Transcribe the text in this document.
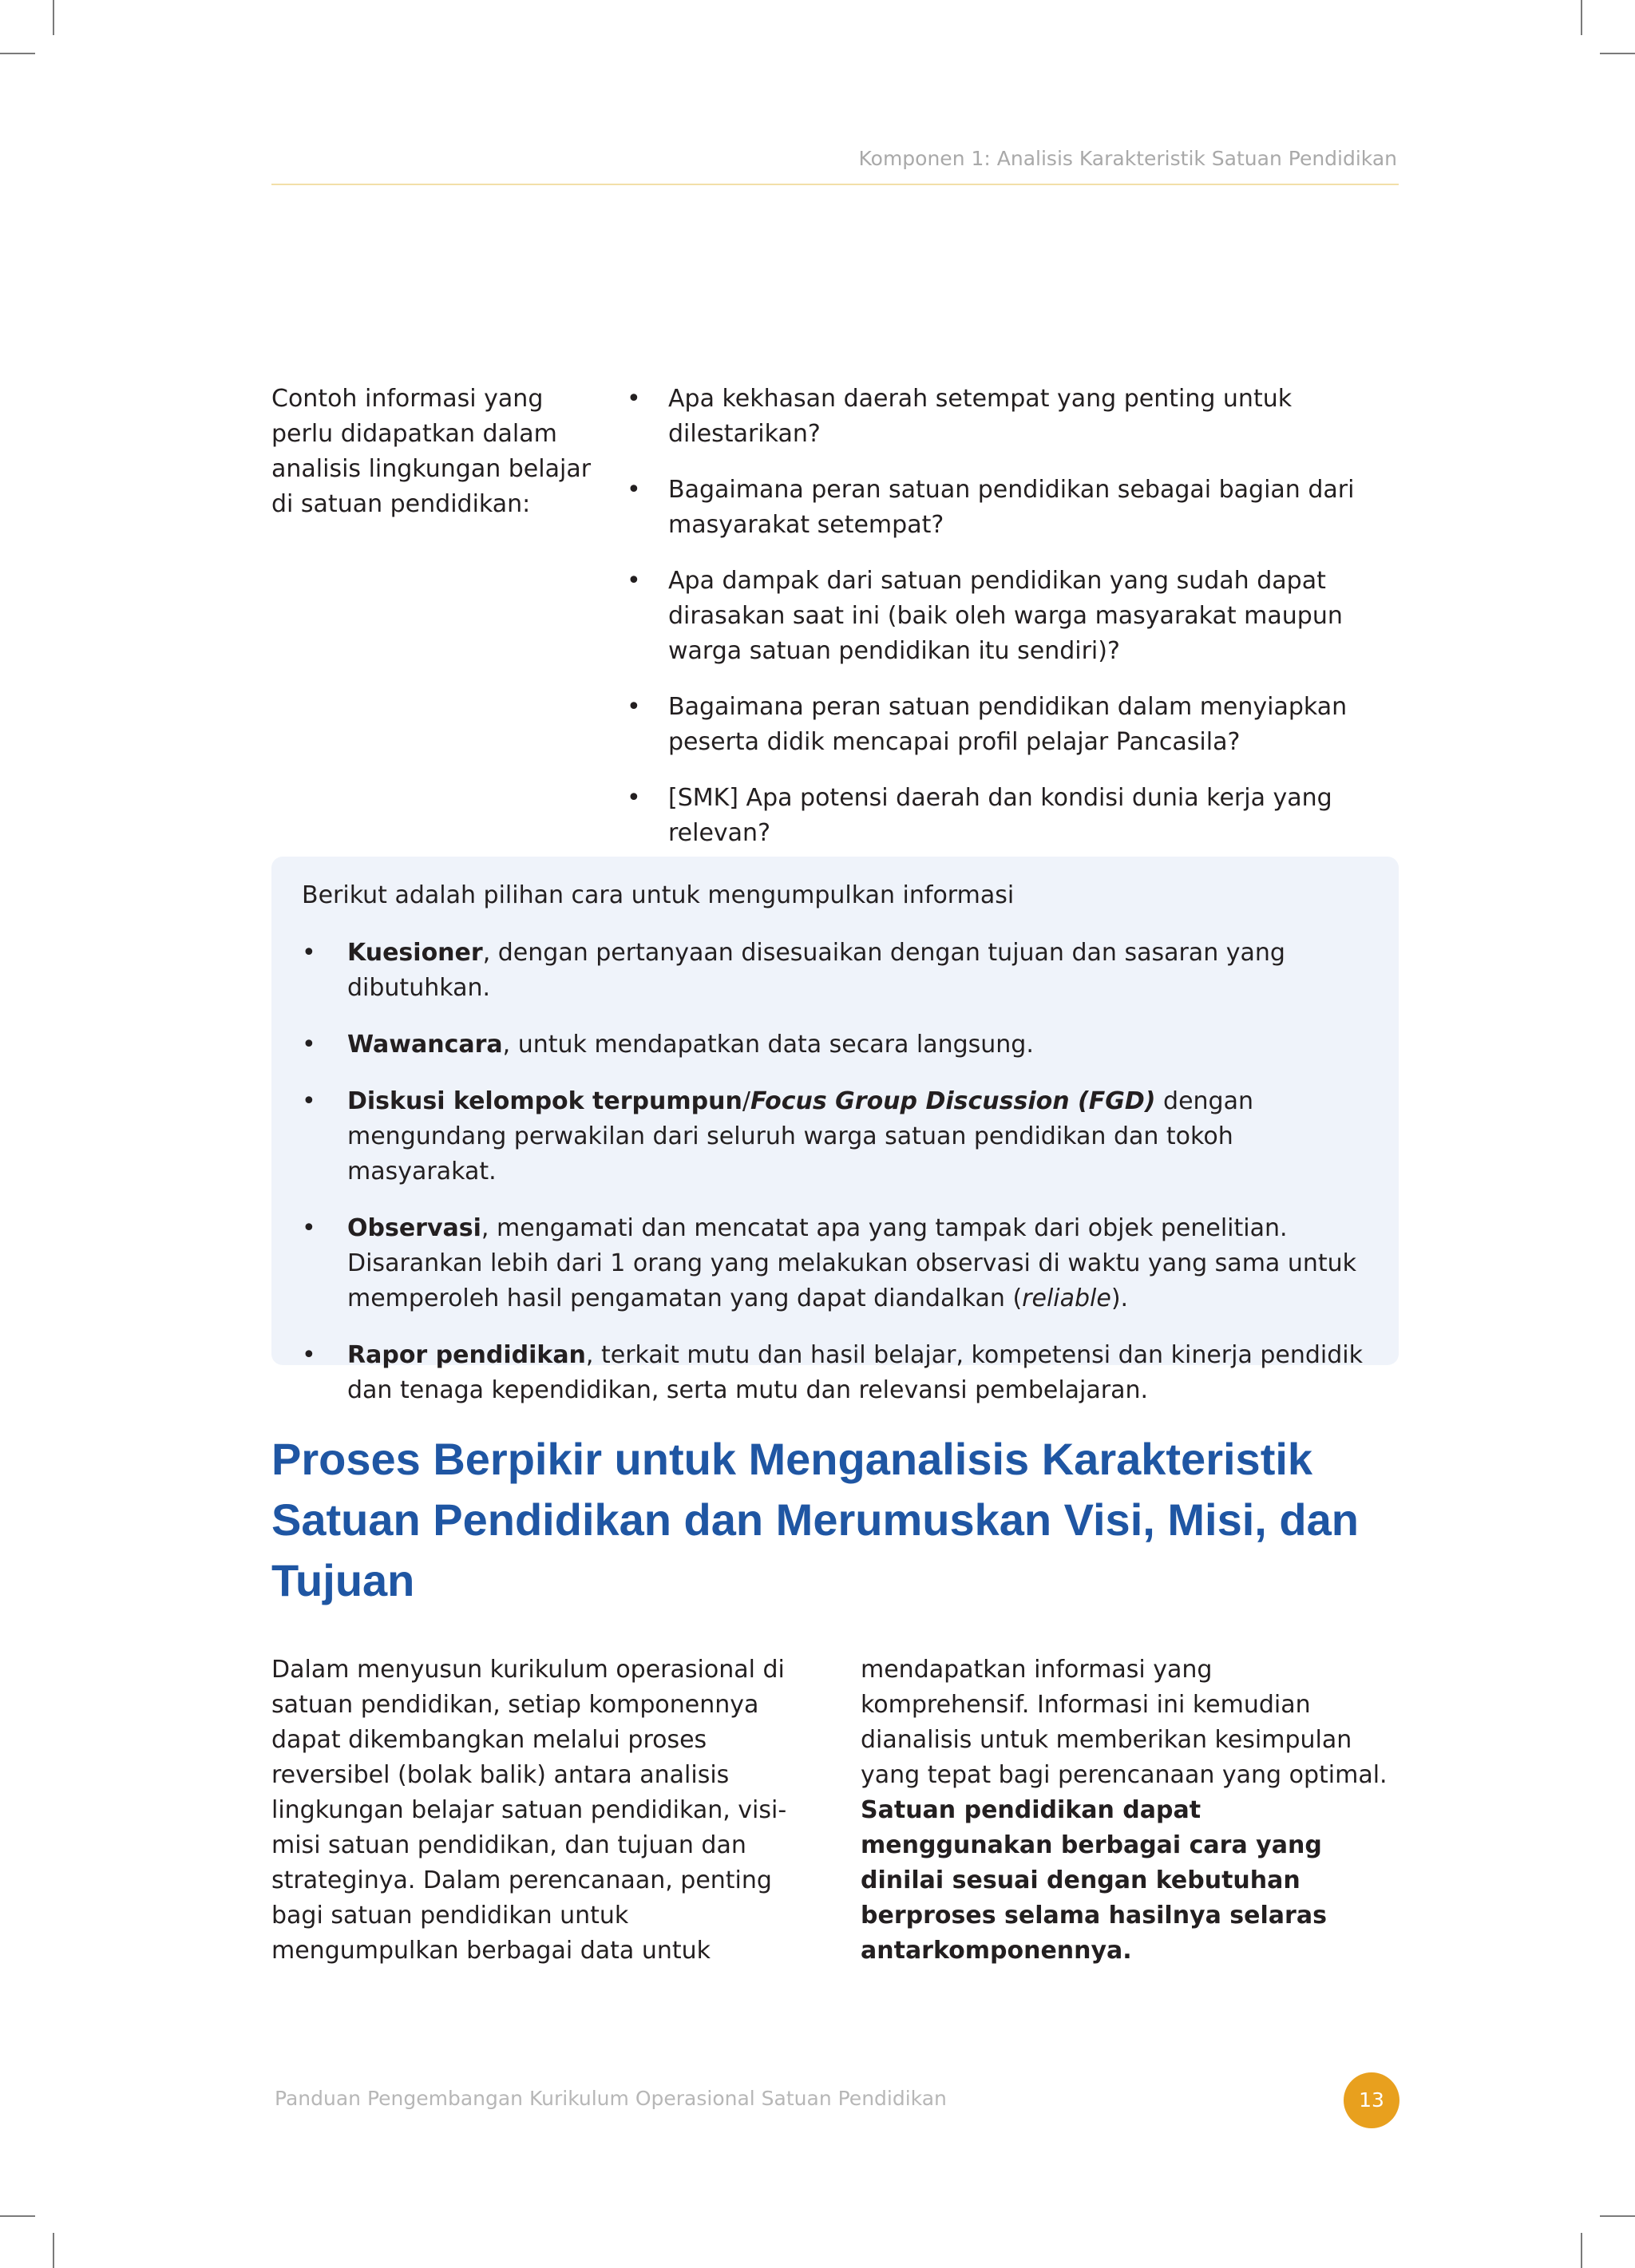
Komponen 1: Analisis Karakteristik Satuan Pendidikan
Contoh informasi yang perlu didapatkan dalam analisis lingkungan belajar di satuan pendidikan:
• Apa kekhasan daerah setempat yang penting untuk dilestarikan?
• Bagaimana peran satuan pendidikan sebagai bagian dari masyarakat setempat?
• Apa dampak dari satuan pendidikan yang sudah dapat dirasakan saat ini (baik oleh warga masyarakat maupun warga satuan pendidikan itu sendiri)?
• Bagaimana peran satuan pendidikan dalam menyiapkan peserta didik mencapai profil pelajar Pancasila?
• [SMK] Apa potensi daerah dan kondisi dunia kerja yang relevan?
Berikut adalah pilihan cara untuk mengumpulkan informasi
• Kuesioner, dengan pertanyaan disesuaikan dengan tujuan dan sasaran yang dibutuhkan.
• Wawancara, untuk mendapatkan data secara langsung.
• Diskusi kelompok terpumpun/Focus Group Discussion (FGD) dengan mengundang perwakilan dari seluruh warga satuan pendidikan dan tokoh masyarakat.
• Observasi, mengamati dan mencatat apa yang tampak dari objek penelitian. Disarankan lebih dari 1 orang yang melakukan observasi di waktu yang sama untuk memperoleh hasil pengamatan yang dapat diandalkan (reliable).
• Rapor pendidikan, terkait mutu dan hasil belajar, kompetensi dan kinerja pendidik dan tenaga kependidikan, serta mutu dan relevansi pembelajaran.
Proses Berpikir untuk Menganalisis Karakteristik Satuan Pendidikan dan Merumuskan Visi, Misi, dan Tujuan

Dalam menyusun kurikulum operasional di satuan pendidikan, setiap komponennya dapat dikembangkan melalui proses reversibel (bolak balik) antara analisis lingkungan belajar satuan pendidikan, visi-misi satuan pendidikan, dan tujuan dan strateginya. Dalam perencanaan, penting bagi satuan pendidikan untuk mengumpulkan berbagai data untuk

mendapatkan informasi yang komprehensif. Informasi ini kemudian dianalisis untuk memberikan kesimpulan yang tepat bagi perencanaan yang optimal. Satuan pendidikan dapat menggunakan berbagai cara yang dinilai sesuai dengan kebutuhan berproses selama hasilnya selaras antarkomponennya.

Panduan Pengembangan Kurikulum Operasional Satuan Pendidikan	13
